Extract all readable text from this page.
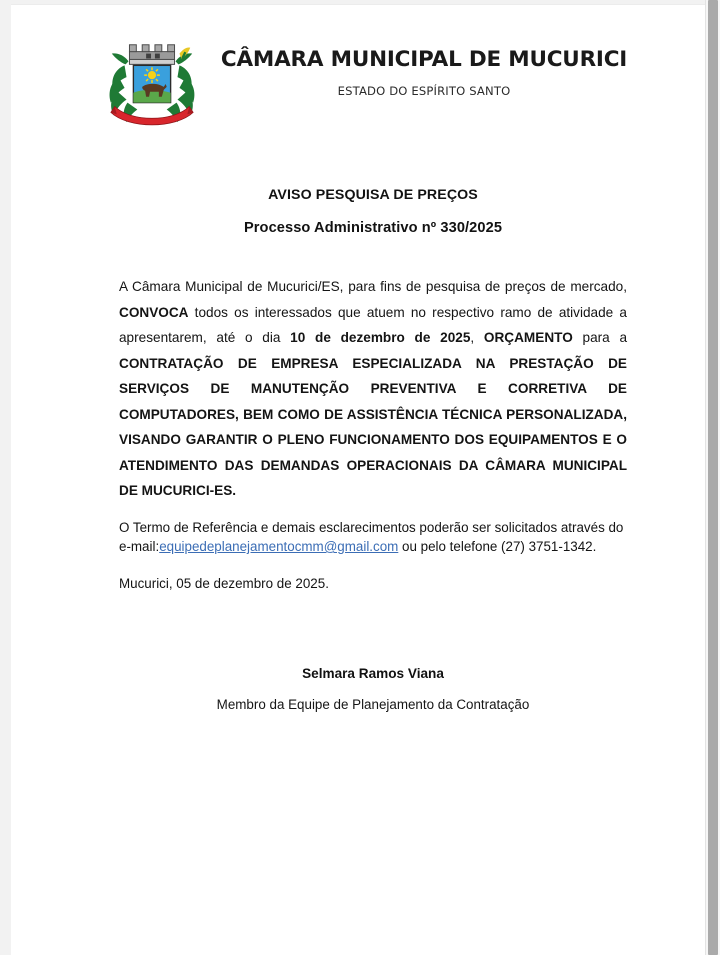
CÂMARA MUNICIPAL DE MUCURICI
ESTADO DO ESPÍRITO SANTO
AVISO PESQUISA DE PREÇOS
Processo Administrativo nº 330/2025

A Câmara Municipal de Mucurici/ES, para fins de pesquisa de preços de mercado, CONVOCA todos os interessados que atuem no respectivo ramo de atividade a apresentarem, até o dia 10 de dezembro de 2025, ORÇAMENTO para a CONTRATAÇÃO DE EMPRESA ESPECIALIZADA NA PRESTAÇÃO DE SERVIÇOS DE MANUTENÇÃO PREVENTIVA E CORRETIVA DE COMPUTADORES, BEM COMO DE ASSISTÊNCIA TÉCNICA PERSONALIZADA, VISANDO GARANTIR O PLENO FUNCIONAMENTO DOS EQUIPAMENTOS E O ATENDIMENTO DAS DEMANDAS OPERACIONAIS DA CÂMARA MUNICIPAL DE MUCURICI-ES.

O Termo de Referência e demais esclarecimentos poderão ser solicitados através do e-mail:equipedeplanejamentocmm@gmail.com ou pelo telefone (27) 3751-1342.

Mucurici, 05 de dezembro de 2025.

Selmara Ramos Viana
Membro da Equipe de Planejamento da Contratação
